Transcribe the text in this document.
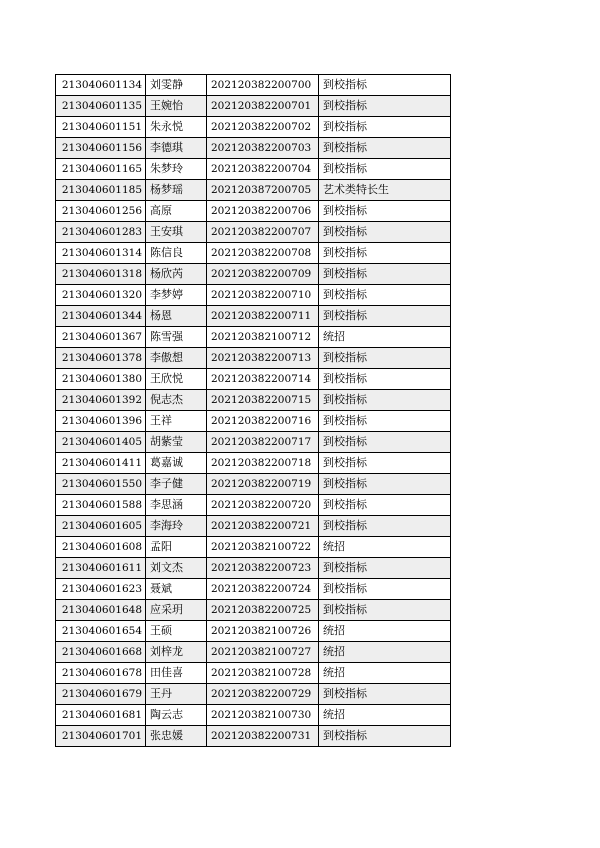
213040601134	刘雯静	20212038220070​0	到校指标
213040601135	王婉怡	202120382200701	到校指标
213040601151	朱永悦	202120382200702	到校指标
213040601156	李德琪	202120382200703	到校指标
213040601165	朱梦玲	202120382200704	到校指标
213040601185	杨梦瑶	202120387200705	艺术类特长生
213040601256	高原	202120382200706	到校指标
213040601283	王安琪	202120382200707	到校指标
213040601314	陈信良	202120382200708	到校指标
213040601318	杨欣芮	202120382200709	到校指标
213040601320	李梦婷	202120382200710	到校指标
213040601344	杨恩	202120382200711	到校指标
213040601367	陈雪强	202120382100712	统招
213040601378	李傲想	202120382200713	到校指标
213040601380	王欣悦	202120382200714	到校指标
213040601392	倪志杰	202120382200715	到校指标
213040601396	王祥	202120382200716	到校指标
213040601405	胡紫莹	202120382200717	到校指标
213040601411	葛嘉诚	202120382200718	到校指标
213040601550	李子健	202120382200719	到校指标
213040601588	李思涵	202120382200720	到校指标
213040601605	李海玲	202120382200721	到校指标
213040601608	孟阳	202120382100722	统招
213040601611	刘文杰	202120382200723	到校指标
213040601623	聂斌	202120382200724	到校指标
213040601648	应采玥	202120382200725	到校指标
213040601654	王硕	202120382100726	统招
213040601668	刘梓龙	202120382100727	统招
213040601678	田佳喜	202120382100728	统招
213040601679	王丹	202120382200729	到校指标
213040601681	陶云志	202120382100730	统招
213040601701	张忠媛	202120382200731	到校指标
